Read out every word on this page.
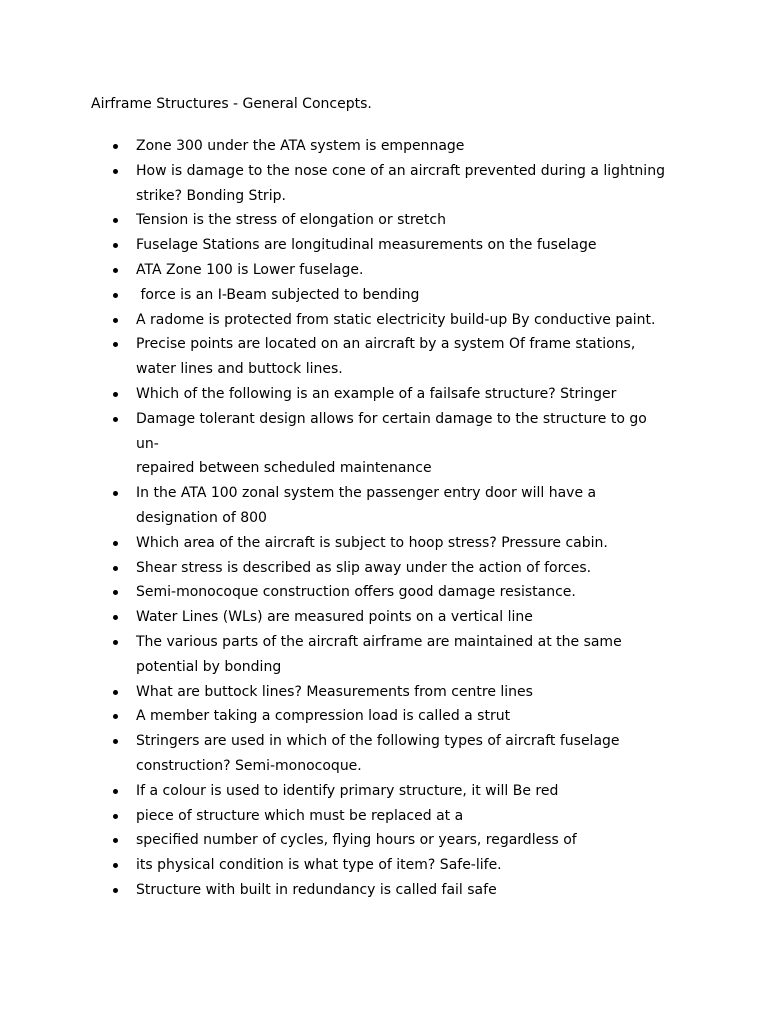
Airframe Structures - General Concepts.
Zone 300 under the ATA system is empennage
How is damage to the nose cone of an aircraft prevented during a lightning
strike? Bonding Strip.
Tension is the stress of elongation or stretch
Fuselage Stations are longitudinal measurements on the fuselage
ATA Zone 100 is Lower fuselage.
force is an I-Beam subjected to bending
A radome is protected from static electricity build-up By conductive paint.
Precise points are located on an aircraft by a system Of frame stations,
water lines and buttock lines.
Which of the following is an example of a failsafe structure? Stringer
Damage tolerant design allows for certain damage to the structure to go un-
repaired between scheduled maintenance
In the ATA 100 zonal system the passenger entry door will have a
designation of 800
Which area of the aircraft is subject to hoop stress? Pressure cabin.
Shear stress is described as slip away under the action of forces.
Semi-monocoque construction offers good damage resistance.
Water Lines (WLs) are measured points on a vertical line
The various parts of the aircraft airframe are maintained at the same
potential by bonding
What are buttock lines? Measurements from centre lines
A member taking a compression load is called a strut
Stringers are used in which of the following types of aircraft fuselage
construction? Semi-monocoque.
If a colour is used to identify primary structure, it will Be red
piece of structure which must be replaced at a
specified number of cycles, flying hours or years, regardless of
its physical condition is what type of item? Safe-life.
Structure with built in redundancy is called fail safe
